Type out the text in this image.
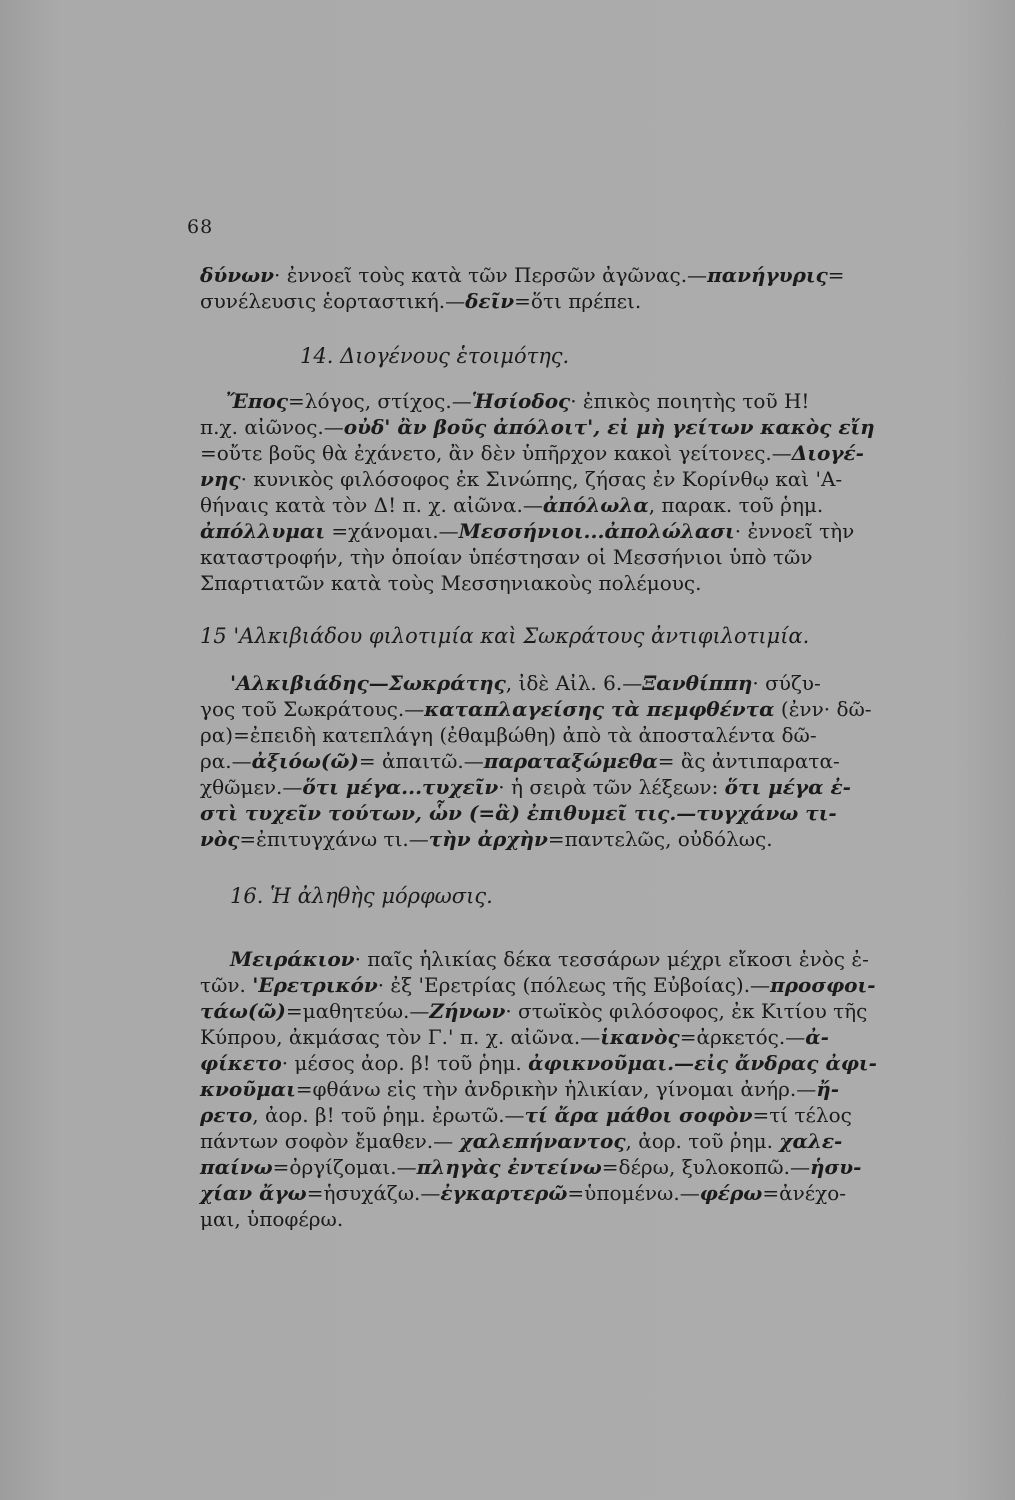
68
δύνων· ἐννοεῖ τοὺς κατὰ τῶν Περσῶν ἀγῶνας.—πανήγυρις=
συνέλευσις ἑορταστική.—δεῖν=ὅτι πρέπει.
14. Διογένους ἑτοιμότης.
Ἔπος=λόγος, στίχος.—Ἡσίοδος· ἐπικὸς ποιητὴς τοῦ Η!
π.χ. αἰῶνος.—οὐδ' ἂν βοῦς ἀπόλοιτ', εἰ μὴ γείτων κακὸς εἴη
=οὔτε βοῦς θὰ ἐχάνετο, ἂν δὲν ὑπῆρχον κακοὶ γείτονες.—Διογέ-
νης· κυνικὸς φιλόσοφος ἐκ Σινώπης, ζήσας ἐν Κορίνθῳ καὶ 'Α-
θήναις κατὰ τὸν Δ! π. χ. αἰῶνα.—ἀπόλωλα, παρακ. τοῦ ῥημ.
ἀπόλλυμαι =χάνομαι.—Μεσσήνιοι...ἀπολώλασι· ἐννοεῖ τὴν
καταστροφήν, τὴν ὁποίαν ὑπέστησαν οἱ Μεσσήνιοι ὑπὸ τῶν
Σπαρτιατῶν κατὰ τοὺς Μεσσηνιακοὺς πολέμους.
15 'Αλκιβιάδου φιλοτιμία καὶ Σωκράτους ἀντιφιλοτιμία.
'Αλκιβιάδης—Σωκράτης, ἰδὲ Αἰλ. 6.—Ξανθίππη· σύζυ-
γος τοῦ Σωκράτους.—καταπλαγείσης τὰ πεμφθέντα (ἐνν· δῶ-
ρα)=ἐπειδὴ κατεπλάγη (ἐθαμβώθη) ἀπὸ τὰ ἀποσταλέντα δῶ-
ρα.—ἀξιόω(ῶ)= ἀπαιτῶ.—παραταξώμεθα= ἂς ἀντιπαρατα-
χθῶμεν.—ὅτι μέγα...τυχεῖν· ἡ σειρὰ τῶν λέξεων: ὅτι μέγα ἐ-
στὶ τυχεῖν τούτων, ὧν (=ἃ) ἐπιθυμεῖ τις.—τυγχάνω τι-
νὸς=ἐπιτυγχάνω τι.—τὴν ἀρχὴν=παντελῶς, οὐδόλως.
16. Ἡ ἀληθὴς μόρφωσις.
Μειράκιον· παῖς ἡλικίας δέκα τεσσάρων μέχρι εἴκοσι ἑνὸς ἐ-
τῶν. 'Ερετρικόν· ἐξ 'Ερετρίας (πόλεως τῆς Εὐβοίας).—προσφοι-
τάω(ῶ)=μαθητεύω.—Ζήνων· στωϊκὸς φιλόσοφος, ἐκ Κιτίου τῆς
Κύπρου, ἀκμάσας τὸν Γ.' π. χ. αἰῶνα.—ἱκανὸς=ἀρκετός.—ἀ-
φίκετο· μέσος ἀορ. β! τοῦ ῥημ. ἀφικνοῦμαι.—εἰς ἄνδρας ἀφι-
κνοῦμαι=φθάνω εἰς τὴν ἀνδρικὴν ἡλικίαν, γίνομαι ἀνήρ.—ἤ-
ρετο, ἀορ. β! τοῦ ῥημ. ἐρωτῶ.—τί ἄρα μάθοι σοφὸν=τί τέλος
πάντων σοφὸν ἔμαθεν.— χαλεπήναντος, ἀορ. τοῦ ῥημ. χαλε-
παίνω=ὀργίζομαι.—πληγὰς ἐντείνω=δέρω, ξυλοκοπῶ.—ἡσυ-
χίαν ἄγω=ἡσυχάζω.—ἐγκαρτερῶ=ὑπομένω.—φέρω=ἀνέχο-
μαι, ὑποφέρω.
